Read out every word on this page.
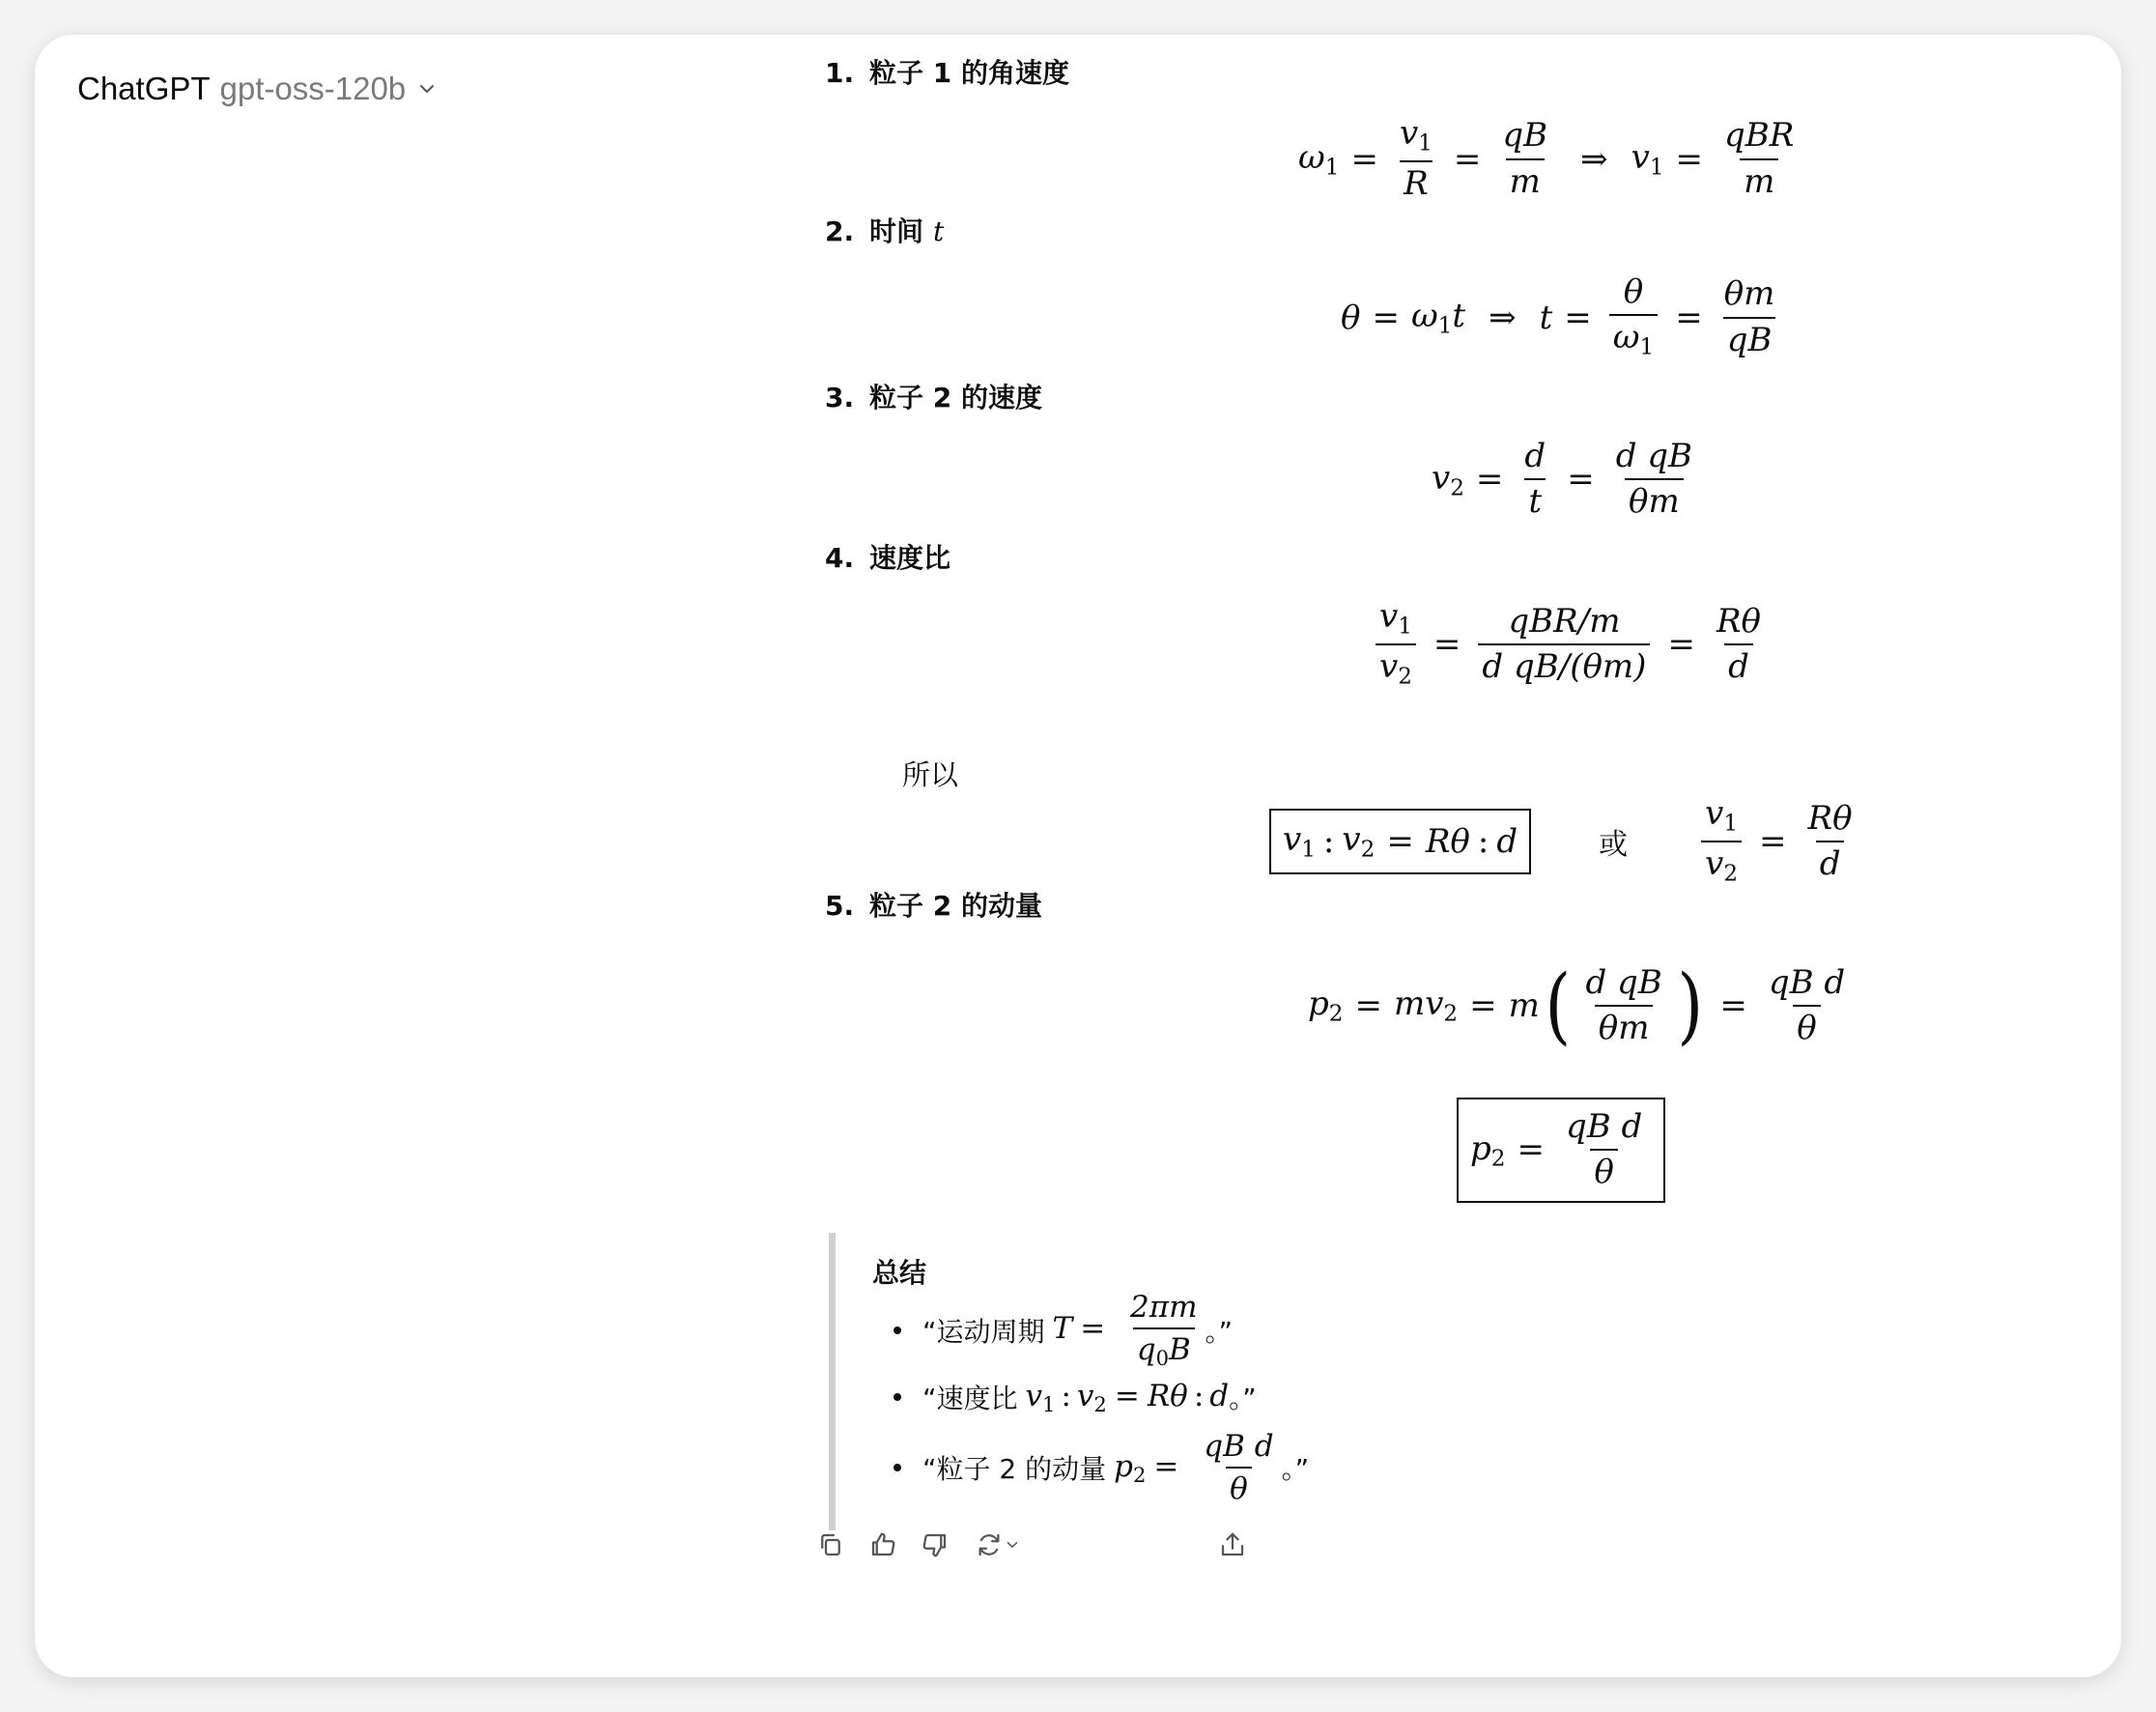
ChatGPT gpt-oss-120b	1. 粒子 1 的角速度
$\omega_1 = \frac{v_1}{R} = \frac{qB}{m}$ ⇒ $v_1 = \frac{\text{qBR}}{m}$
2. 时间 t
$\theta = \omega_1t$ ⇒ $t = \frac{\theta}{\omega_1} = \frac{\theta m}{qB}$
3. 粒子 2 的速度
$v_2 = \frac{d}{t} = \frac{\text{d qB}}{\theta m}$
4. 速度比
$\frac{v_1}{v_2} = \frac{\text{qBR/m}}{\text{d qB/(θm)}} = \frac{R\theta}{d}$
所以
$v_1$ : $v_2 = R\theta$ : d	或 $\frac{v_1}{v_2} = \frac{R\theta}{d}$
5. 粒子 2 的动量
$p_2 = mv_2 = m$ ( $\frac{\text{d qB}}{\theta m}$ ) = $\frac{\text{qB d}}{\theta}$
$p_2 = \frac{\text{qB d}}{\theta}$
总结
“运动周期 $T = \frac{2\pi m}{q_0B}$ 。”
“速度比 $v_1$ : $v_2 = R\theta$ : d 。”
“粒子 2 的动量 $p_2 = \frac{\text{qB d}}{\theta}$ 。”
